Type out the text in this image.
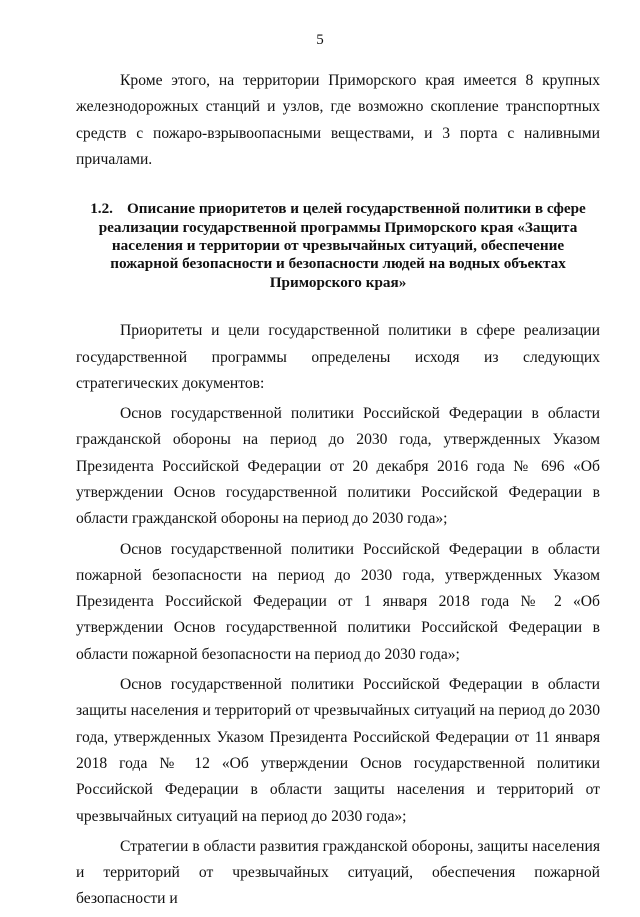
5

Кроме этого, на территории Приморского края имеется 8 крупных железнодорожных станций и узлов, где возможно скопление транспортных средств с пожаро-взрывоопасными веществами, и 3 порта с наливными причалами.

1.2. Описание приоритетов и целей государственной политики в сфере реализации государственной программы Приморского края «Защита населения и территории от чрезвычайных ситуаций, обеспечение пожарной безопасности и безопасности людей на водных объектах Приморского края»

Приоритеты и цели государственной политики в сфере реализации государственной программы определены исходя из следующих стратегических документов:

Основ государственной политики Российской Федерации в области гражданской обороны на период до 2030 года, утвержденных Указом Президента Российской Федерации от 20 декабря 2016 года № 696 «Об утверждении Основ государственной политики Российской Федерации в области гражданской обороны на период до 2030 года»;

Основ государственной политики Российской Федерации в области пожарной безопасности на период до 2030 года, утвержденных Указом Президента Российской Федерации от 1 января 2018 года № 2 «Об утверждении Основ государственной политики Российской Федерации в области пожарной безопасности на период до 2030 года»;

Основ государственной политики Российской Федерации в области защиты населения и территорий от чрезвычайных ситуаций на период до 2030 года, утвержденных Указом Президента Российской Федерации от 11 января 2018 года № 12 «Об утверждении Основ государственной политики Российской Федерации в области защиты населения и территорий от чрезвычайных ситуаций на период до 2030 года»;

Стратегии в области развития гражданской обороны, защиты населения и территорий от чрезвычайных ситуаций, обеспечения пожарной безопасности и
